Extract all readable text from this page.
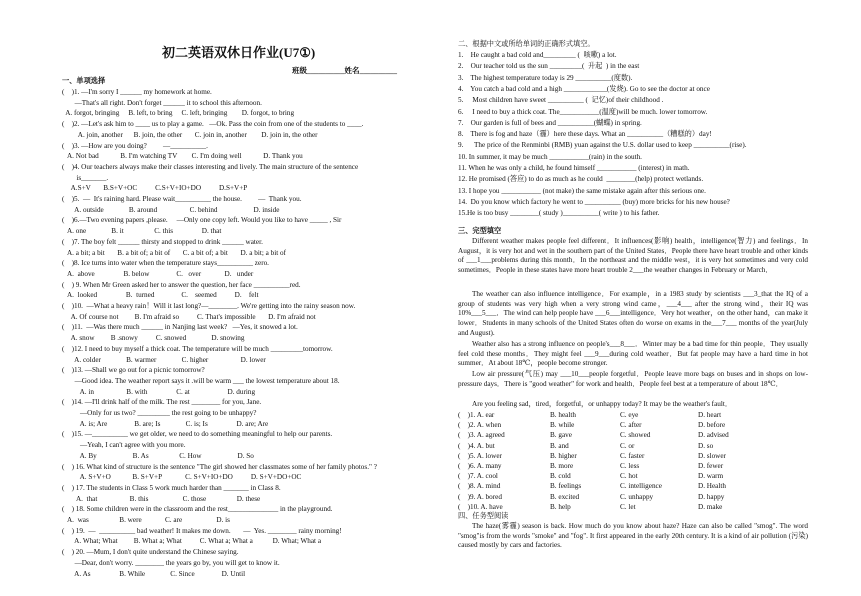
初二英语双休日作业(U7①)
班级__________姓名__________
一、单项选择
(    )1. —I'm sorry I ______ my homework at home.
—That's all right. Don't forget ______ it to school this afternoon.
A. forgot, bringing     B. left, to bring     C. left, bringing        D. forgot, to bring
(    )2. —Let's ask him to ____ us to play a game.   —Ok. Pass the coin from one of the students to ____.
A. join, another      B. join, the other       C. join in, another        D. join in, the other
(    )3. —How are you doing?         —__________.
A. Not bad            B. I'm watching TV        C. I'm doing well            D. Thank you
(    )4. Our teachers always make their classes interesting and lively. The main structure of the sentence
is_______.
A.S+V       B.S+V+OC          C.S+V+IO+DO          D.S+V+P
(    )5.  —  It's raining hard. Please wait__________ the house.         —  Thank you.
A. outside              B. around                  C. behind                    D. inside
(    )6.—Two evening papers ,please.     —Only one copy left. Would you like to have _____ , Sir
A. one              B. it                 C. this                D. that
(    )7. The boy felt ______ thirsty and stopped to drink ______ water.
A. a bit; a bit       B. a bit of; a bit of       C. a bit of; a bit       D. a bit; a bit of
(    )8. Ice turns into water when the temperature stays__________ zero.
A.  above                B. below               C.   over             D.   under
(    ) 9. When Mr Green asked her to answer the question, her face __________red.
A.  looked                B.  turned               C.    seemed          D.    felt
(    )10.  —What a heavy rain！Will it last long?—________. We're getting into the rainy season now.
A. Of course not         B. I'm afraid so          C. That's impossible       D. I'm afraid not
(    )11.  —Was there much ______ in Nanjing last week?   —Yes, it snowed a lot.
A. snow         B .snowy          C. snowed              D. snowing
(    )12. I need to buy myself a thick coat. The temperature will be much _________tomorrow.
A. colder              B. warmer              C. higher                  D. lower
(    )13. —Shall we go out for a picnic tomorrow?
—Good idea. The weather report says it .will be warm ___ the lowest temperature about 18.
A. in                  B. with                C. at                     D. during
(    )14. —I'll drink half of the milk. The rest ________ for you, Jane.
—Only for us two? _________ the rest going to be unhappy?
A. is; Are               B. are; Is              C. is; Is                D. are; Are
(    )15. —__________ we get older, we need to do something meaningful to help our parents.
—Yeah, I can't agree with you more.
A. By                    B. As                 C. How                    D. So
(    ) 16. What kind of structure is the sentence "The girl showed her classmates some of her family photos." ?
A. S+V+O            B. S+V+P             C. S+V+IO+DO          D. S+V+DO+OC
(    ) 17. The students in Class 5 work much harder than _______ in Class 8.
A.  that                  B. this                   C. those                 D. these
(    ) 18. Some children were in the classroom and the rest______________ in the playground.
A.  was                 B. were             C. are                   D. is
(    ) 19.  —  __________ bad weather! It makes me down.       —  Yes. ________ rainy morning!
A. What; What         B. What a; What          C. What a; What a           D. What; What a
(    ) 20. —Mum, I don't quite understand the Chinese saying.
—Dear, don't worry. ________ the years go by, you will get to know it.
A. As                B. While              C. Since               D. Until
二、根据中文或所给单词的正确形式填空。
1.    He caught a bad cold and_________ (  咳嗽) a lot.
2.    Our teacher told us the sun _________(  升起  ) in the east
3.    The highest temperature today is 29 __________(度数).
4.    You catch a bad cold and a high ____________(发烧). Go to see the doctor at once
5.     Most children have sweet __________ (  记忆)of their childhood .
6.     I need to buy a thick coat. The___________(温度)will be much. lower tomorrow.
7.    Our garden is full of bees and __________(蝴蝶) in spring.
8.    There is fog and haze（霾）here these days. What an __________（糟糕的）day!
9.      The price of the Renminbi (RMB) yuan against the U.S. dollar used to keep __________(rise).
10. In summer, it may be much ___________(rain) in the south.
11. When he was only a child, he found himself ___________ (interest) in math.
12. He promised (答应) to do as much as he could  ________(help) protect wetlands.
13. I hope you ___________ (not make) the same mistake again after this serious one.
14.  Do you know which factory he went to __________ (buy) more bricks for his new house?
15.He is too busy ________( study )__________( write ) to his father.
三、完型填空
Different weather makes people feel different．It influences(影响) health，intelligence(智力) and feelings．In August，it is very hot and wet in the southern part of the United States．People there have heart trouble and other kinds of ___1___problems during this month．In the northeast and the middle west，it is very hot sometimes and very cold sometimes．People in these states have more heart trouble 2___the weather changes in February or March．
The weather can also influence intelligence．For example，in a 1983 study by scientists ___3_that the IQ of a group of students was very high when a very strong wind came，___4___ after the strong wind，their IQ was 10%___5___．The wind can help people have ___6___intelligence．Very hot weather，on the other hand，can make it lower．Students in many schools of the United States often do worse on exams in the___7___ months of the year(July and August).
Weather also has a strong influence on people's___8___．Winter may be a bad time for thin people．They usually feel cold these months．They might feel ___9___during cold weather．But fat people may have a hard time in hot summer．At about 18℃，people become stronger.
Low air pressure(气压) may ___10___people forgetful．People leave more bags on buses and in shops on low-pressure days．There is "good weather" for work and health．People feel best at a temperature of about 18℃．
Are you feeling sad，tired，forgetful，or unhappy today? It may be the weather's fault．
(    )1. A. ear	B. health	C. eye	D. heart
(    )2. A. when	B. while	C. after	D. before
(    )3. A. agreed	B. gave	C. showed	D. advised
(    )4. A. but	B. and	C. or	D. so
(    )5. A. lower	B. higher	C. faster	D. slower
(    )6. A. many	B. more	C. less	D. fewer
(    )7. A. cool	B. cold	C. hot	D. warm
(    )8. A. mind	B. feelings	C. intelligence	D. Health
(    )9. A. bored	B. excited	C. unhappy	D. happy
(    )10. A. have	B. help	C. let	D. make
四、任务型阅读
The haze(雾霾) season is back. How much do you know about haze? Haze can also be called "smog". The word "smog"is from the words "smoke" and "fog". It first appeared in the early 20th century. It is a kind of air pollution (污染) caused mostly by cars and factories.
